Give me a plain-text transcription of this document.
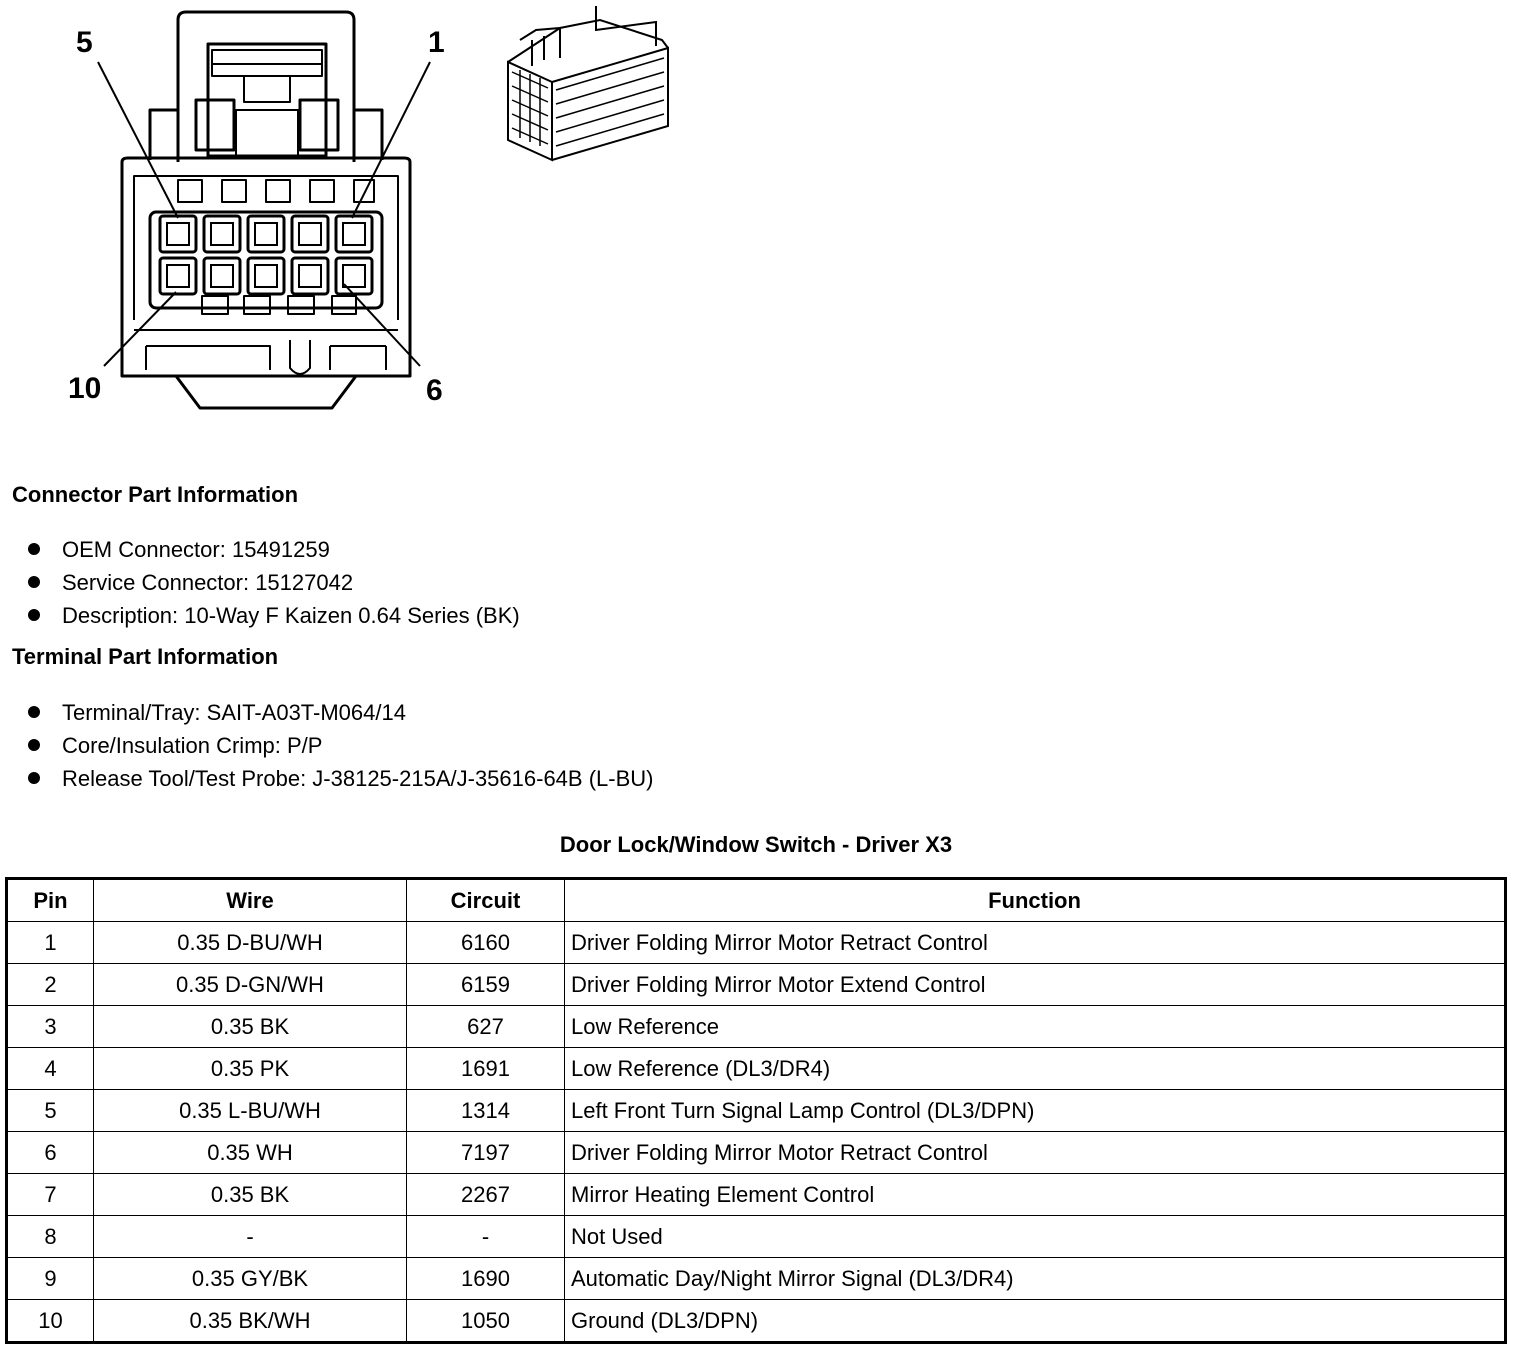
5	1
10	6
Connector Part Information
OEM Connector: 15491259
Service Connector: 15127042
Description: 10-Way F Kaizen 0.64 Series (BK)
Terminal Part Information
Terminal/Tray: SAIT-A03T-M064/14
Core/Insulation Crimp: P/P
Release Tool/Test Probe: J-38125-215A/J-35616-64B (L-BU)
Door Lock/Window Switch - Driver X3
Pin	Wire	Circuit	Function
1	0.35 D-BU/WH	6160	Driver Folding Mirror Motor Retract Control
2	0.35 D-GN/WH	6159	Driver Folding Mirror Motor Extend Control
3	0.35 BK	627	Low Reference
4	0.35 PK	1691	Low Reference (DL3/DR4)
5	0.35 L-BU/WH	1314	Left Front Turn Signal Lamp Control (DL3/DPN)
6	0.35 WH	7197	Driver Folding Mirror Motor Retract Control
7	0.35 BK	2267	Mirror Heating Element Control
8	-	-	Not Used
9	0.35 GY/BK	1690	Automatic Day/Night Mirror Signal (DL3/DR4)
10	0.35 BK/WH	1050	Ground (DL3/DPN)
